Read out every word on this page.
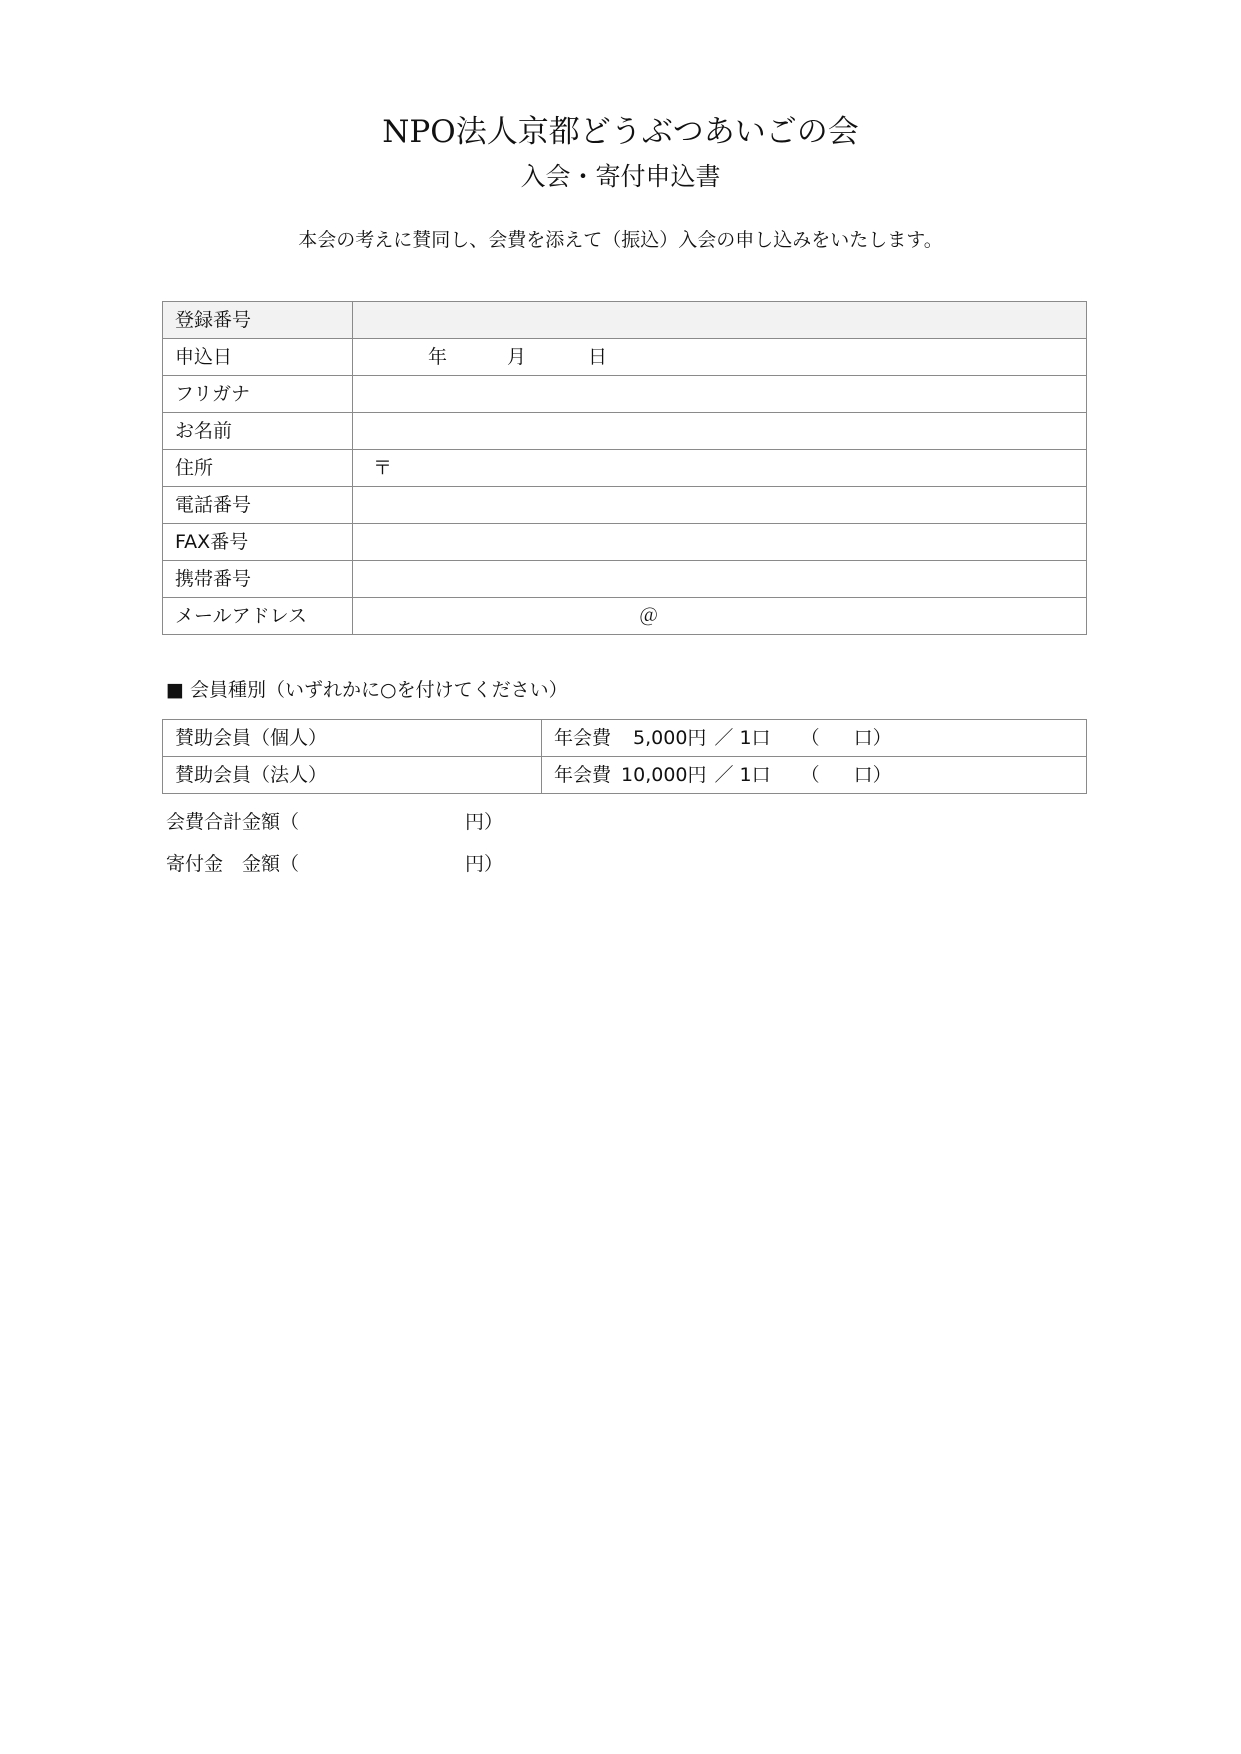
NPO法人京都どうぶつあいごの会
入会・寄付申込書
本会の考えに賛同し、会費を添えて（振込）入会の申し込みをいたします。
登録番号	
申込日	年 月 日
フリガナ	
お名前	
住所	〒
電話番号	
FAX番号	
携帯番号	
メールアドレス	＠
■ 会員種別（いずれかに○を付けてください）
賛助会員（個人）	年会費 5,000円 ／ 1口 （ 口）
賛助会員（法人）	年会費 10,000円 ／ 1口 （ 口）
会費合計金額（	円）
寄付金　金額（	円）
